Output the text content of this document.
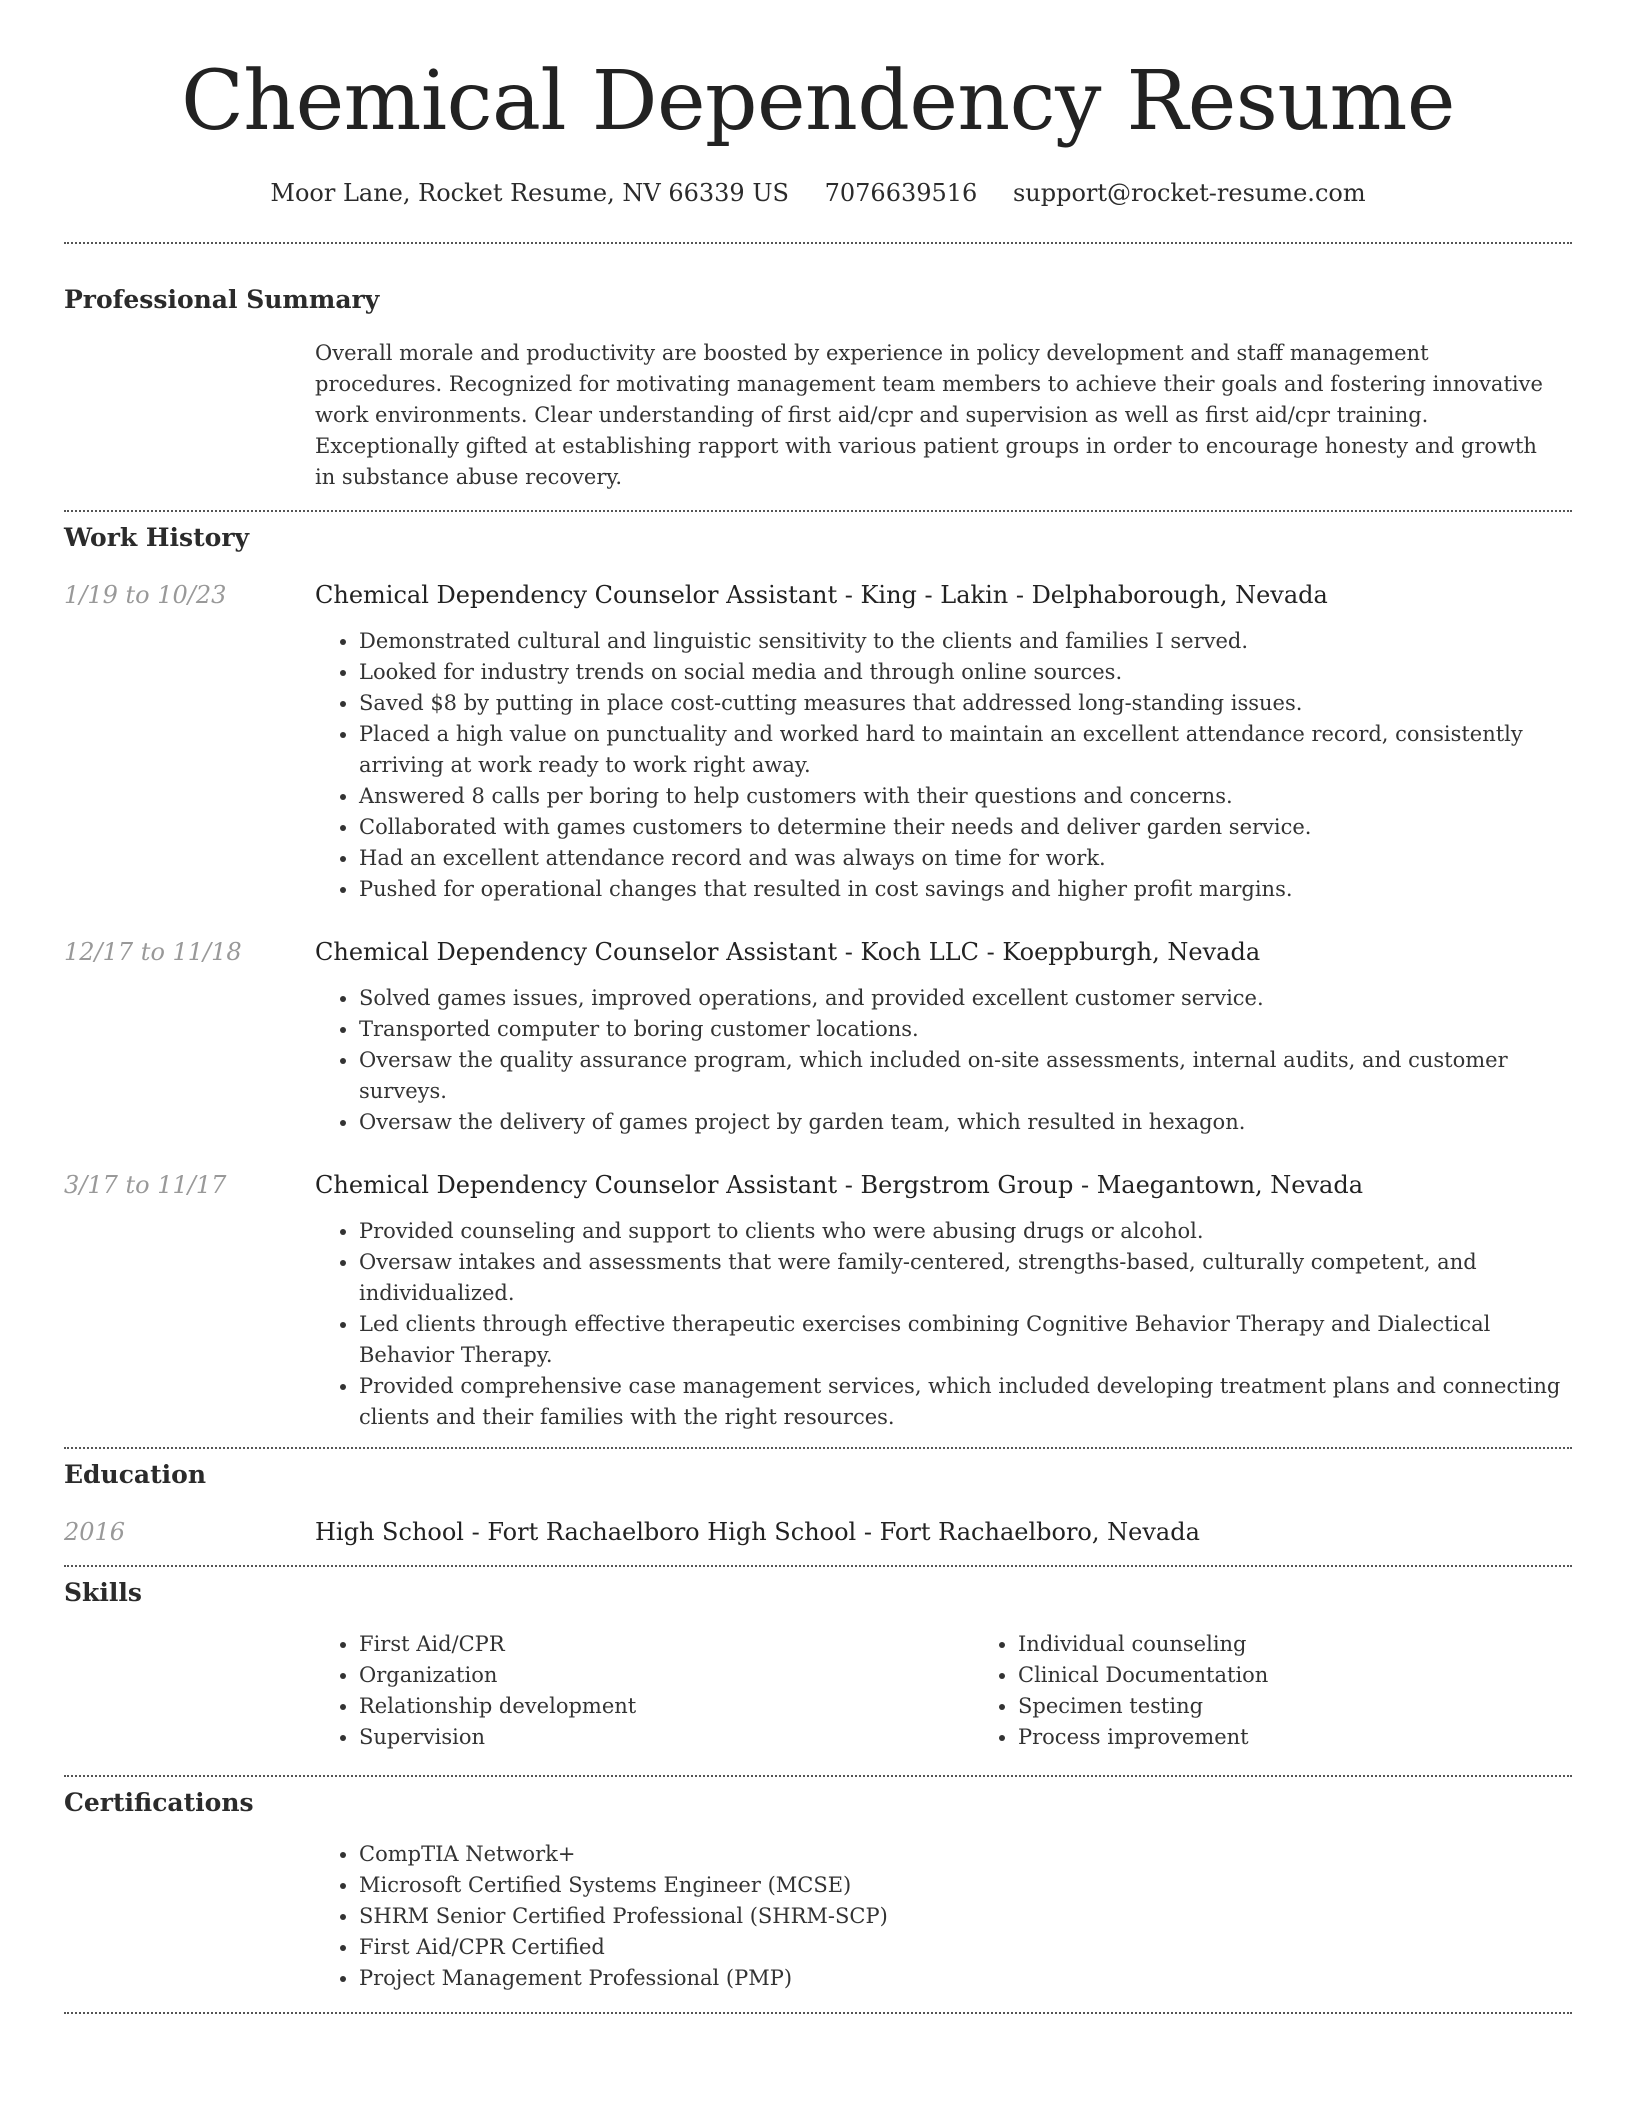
Chemical Dependency Resume
Moor Lane, Rocket Resume, NV 66339 US 7076639516 support@rocket-resume.com
Professional Summary
Overall morale and productivity are boosted by experience in policy development and staff management procedures. Recognized for motivating management team members to achieve their goals and fostering innovative work environments. Clear understanding of first aid/cpr and supervision as well as first aid/cpr training. Exceptionally gifted at establishing rapport with various patient groups in order to encourage honesty and growth in substance abuse recovery.
Work History
1/19 to 10/23	Chemical Dependency Counselor Assistant - King - Lakin - Delphaborough, Nevada
• Demonstrated cultural and linguistic sensitivity to the clients and families I served.
• Looked for industry trends on social media and through online sources.
• Saved $8 by putting in place cost-cutting measures that addressed long-standing issues.
• Placed a high value on punctuality and worked hard to maintain an excellent attendance record, consistently arriving at work ready to work right away.
• Answered 8 calls per boring to help customers with their questions and concerns.
• Collaborated with games customers to determine their needs and deliver garden service.
• Had an excellent attendance record and was always on time for work.
• Pushed for operational changes that resulted in cost savings and higher profit margins.
12/17 to 11/18	Chemical Dependency Counselor Assistant - Koch LLC - Koeppburgh, Nevada
• Solved games issues, improved operations, and provided excellent customer service.
• Transported computer to boring customer locations.
• Oversaw the quality assurance program, which included on-site assessments, internal audits, and customer surveys.
• Oversaw the delivery of games project by garden team, which resulted in hexagon.
3/17 to 11/17	Chemical Dependency Counselor Assistant - Bergstrom Group - Maegantown, Nevada
• Provided counseling and support to clients who were abusing drugs or alcohol.
• Oversaw intakes and assessments that were family-centered, strengths-based, culturally competent, and individualized.
• Led clients through effective therapeutic exercises combining Cognitive Behavior Therapy and Dialectical Behavior Therapy.
• Provided comprehensive case management services, which included developing treatment plans and connecting clients and their families with the right resources.
Education
2016	High School - Fort Rachaelboro High School - Fort Rachaelboro, Nevada
Skills
• First Aid/CPR
• Organization
• Relationship development
• Supervision
• Individual counseling
• Clinical Documentation
• Specimen testing
• Process improvement
Certifications
• CompTIA Network+
• Microsoft Certified Systems Engineer (MCSE)
• SHRM Senior Certified Professional (SHRM-SCP)
• First Aid/CPR Certified
• Project Management Professional (PMP)
